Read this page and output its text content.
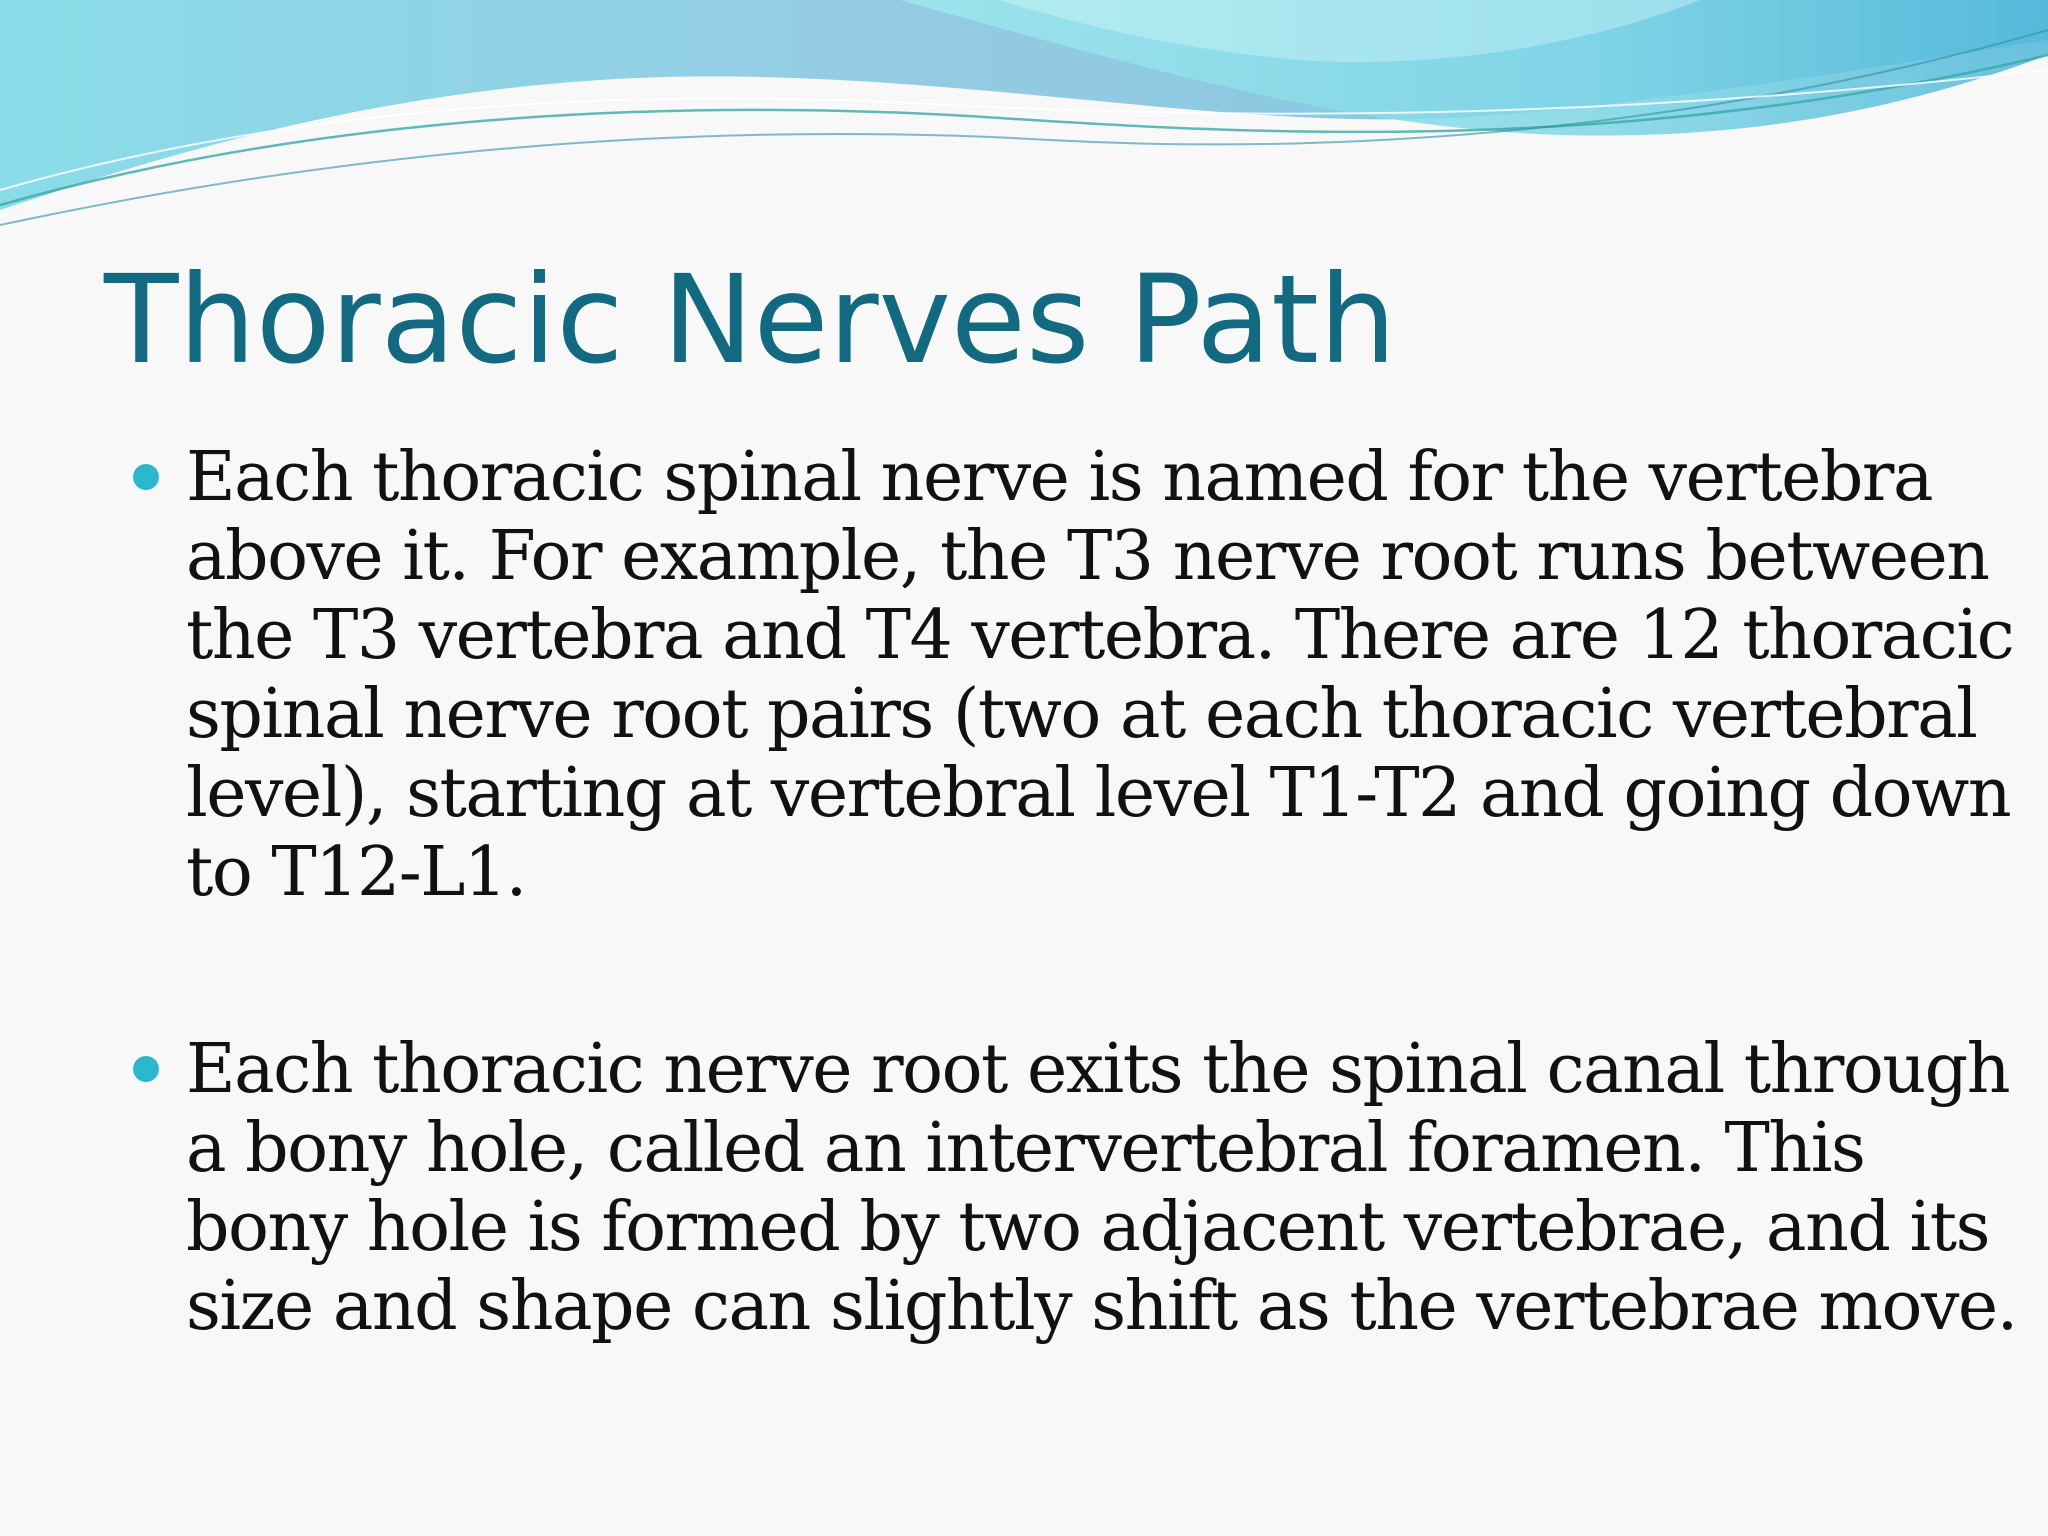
Thoracic Nerves Path
Each thoracic spinal nerve is named for the vertebra
above it. For example, the T3 nerve root runs between
the T3 vertebra and T4 vertebra. There are 12 thoracic
spinal nerve root pairs (two at each thoracic vertebral
level), starting at vertebral level T1-T2 and going down
to T12-L1.
Each thoracic nerve root exits the spinal canal through
a bony hole, called an intervertebral foramen. This
bony hole is formed by two adjacent vertebrae, and its
size and shape can slightly shift as the vertebrae move.
